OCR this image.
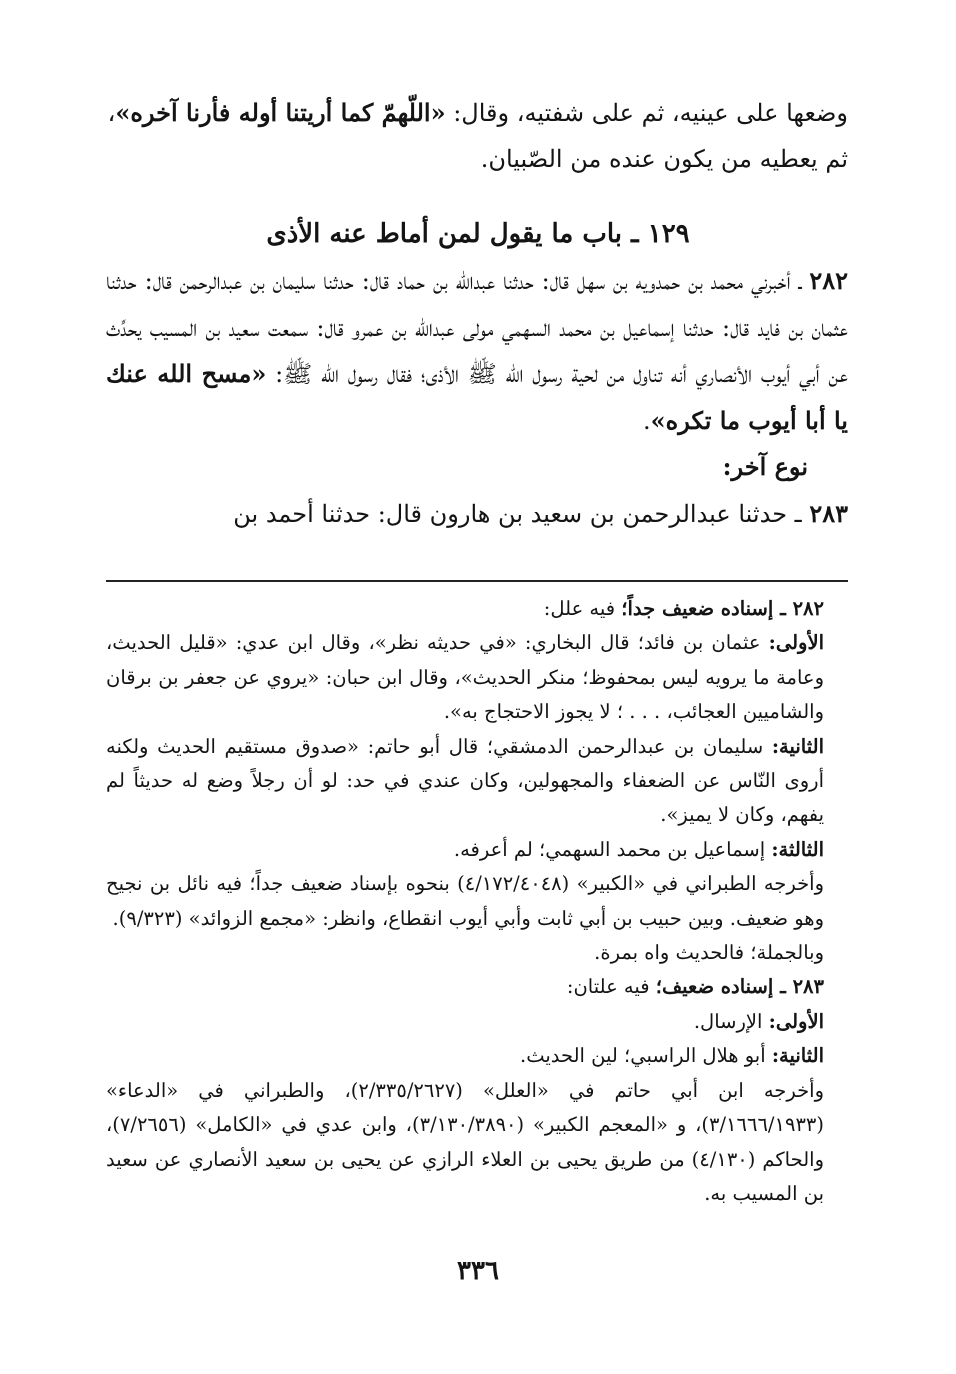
وضعها على عينيه، ثم على شفتيه، وقال: «اللّهمّ كما أريتنا أوله فأرنا آخره»،

ثم يعطيه من يكون عنده من الصّبيان.

١٢٩ ـ باب ما يقول لمن أماط عنه الأذى

٢٨٢ ـ أخبرني محمد بن حمدويه بن سهل قال: حدثنا عبدالله بن حماد قال: حدثنا سليمان بن عبدالرحمن قال: حدثنا عثمان بن فايد قال: حدثنا إسماعيل بن محمد السهمي مولى عبدالله بن عمرو قال: سمعت سعيد بن المسيب يحدِّث عن أبي أيوب الأنصاري أنه تناول من لحية رسول الله ﷺ الأذى؛ فقال رسول الله ﷺ: «مسح الله عنك يا أبا أيوب ما تكره».

نوع آخر:

٢٨٣ ـ حدثنا عبدالرحمن بن سعيد بن هارون قال: حدثنا أحمد بن

٢٨٢ ـ إسناده ضعيف جداً؛ فيه علل:

الأولى: عثمان بن فائد؛ قال البخاري: «في حديثه نظر»، وقال ابن عدي: «قليل الحديث، وعامة ما يرويه ليس بمحفوظ؛ منكر الحديث»، وقال ابن حبان: «يروي عن جعفر بن برقان والشاميين العجائب، . . . ؛ لا يجوز الاحتجاج به».

الثانية: سليمان بن عبدالرحمن الدمشقي؛ قال أبو حاتم: «صدوق مستقيم الحديث ولكنه أروى النّاس عن الضعفاء والمجهولين، وكان عندي في حد: لو أن رجلاً وضع له حديثاً لم يفهم، وكان لا يميز».

الثالثة: إسماعيل بن محمد السهمي؛ لم أعرفه.

وأخرجه الطبراني في «الكبير» (٤/١٧٢/٤٠٤٨) بنحوه بإسناد ضعيف جداً؛ فيه نائل بن نجيح وهو ضعيف. وبين حبيب بن أبي ثابت وأبي أيوب انقطاع، وانظر: «مجمع الزوائد» (٩/٣٢٣).

وبالجملة؛ فالحديث واه بمرة.

٢٨٣ ـ إسناده ضعيف؛ فيه علتان:

الأولى: الإرسال.

الثانية: أبو هلال الراسبي؛ لين الحديث.

وأخرجه ابن أبي حاتم في «العلل» (٢/٣٣٥/٢٦٢٧)، والطبراني في «الدعاء» (٣/١٦٦٦/١٩٣٣)، و «المعجم الكبير» (٣/١٣٠/٣٨٩٠)، وابن عدي في «الكامل» (٧/٢٦٥٦)، والحاكم (٤/١٣٠) من طريق يحيى بن العلاء الرازي عن يحيى بن سعيد الأنصاري عن سعيد بن المسيب به.

٣٣٦
